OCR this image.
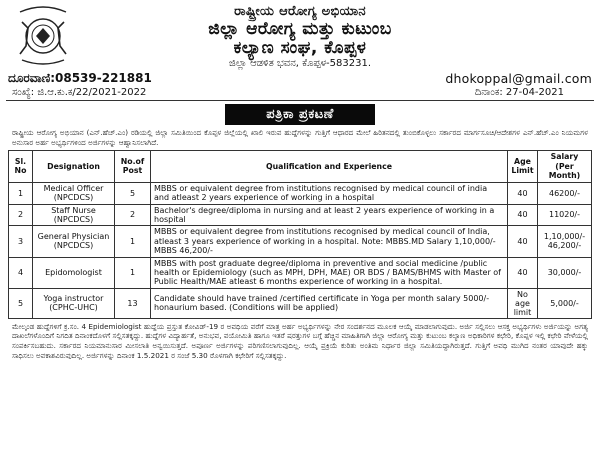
ರಾಷ್ಟ್ರೀಯ ಆರೋಗ್ಯ ಅಭಿಯಾನ
ಜಿಲ್ಲಾ ಆರೋಗ್ಯ ಮತ್ತು ಕುಟುಂಬ
ಕಲ್ಯಾಣ ಸಂಘ, ಕೊಪ್ಪಳ
ಜಿಲ್ಲಾ ಆಡಳಿತ ಭವನ, ಕೊಪ್ಪಳ-583231.
ದೂರವಾಣಿ:08539-221881	dhokoppal@gmail.com
ಸಂಖ್ಯೆ: ಜಿ.ಆ.ಕು.ಕ/22/2021-2022	ದಿನಾಂಕ: 27-04-2021
ಪತ್ರಿಕಾ ಪ್ರಕಟಣೆ
ರಾಷ್ಟ್ರೀಯ ಆರೋಗ್ಯ ಅಭಿಯಾನ (ಎನ್.ಹೆಚ್.ಎಂ) ರಡಿಯಲ್ಲಿ ಜಿಲ್ಲಾ ಸಮಿತಿಯಿಂದ ಕೊಪ್ಪಳ ಜಿಲ್ಲೆಯಲ್ಲಿ ಖಾಲಿ ಇರುವ ಹುದ್ದೆಗಳನ್ನು ಗುತ್ತಿಗೆ ಆಧಾರದ ಮೇಲೆ ಹಿರಿತನದಲ್ಲಿ ತುಂಬಿಕೊಳ್ಳಲು ಸರ್ಕಾರದ ಮಾರ್ಗಸೂಚಿ/ಆದೇಶಗಳ ಎನ್.ಹೆಚ್.ಎಂ ನಿಯಮಗಳ ಅನುಸಾರ ಅರ್ಹ ಅಭ್ಯರ್ಥಿಗಳಿಂದ ಅರ್ಜಿಗಳನ್ನು ಆಹ್ವಾನಿಸಲಾಗಿದೆ.
Sl. No	Designation	No.of Post	Qualification and Experience	Age Limit	Salary (Per Month)
1	Medical Officer (NPCDCS)	5	MBBS or equivalent degree from institutions recognised by medical council of india and atleast 2 years experience of working in a hospital	40	46200/-
2	Staff Nurse (NPCDCS)	2	Bachelor's degree/diploma in nursing and at least 2 years experience of working in a hospital	40	11020/-
3	General Physician (NPCDCS)	1	MBBS or equivalent degree from institutions recognised by medical council of India, atleast 3 years experience of working in a hospital. Note: MBBS.MD Salary 1,10,000/- MBBS 46,200/-	40	1,10,000/- 46,200/-
4	Epidomologist	1	MBBS with post graduate degree/diploma in preventive and social medicine /public health or Epidemiology (such as MPH, DPH, MAE) OR BDS / BAMS/BHMS with Master of Public Health/MAE atleast 6 months experience of working in a hospital.	40	30,000/-
5	Yoga instructor (CPHC-UHC)	13	Candidate should have trained /certified certificate in Yoga per month salary 5000/- honaurium based. (Conditions will be applied)	No age limit	5,000/-
ಮೇಲ್ಕಂಡ ಹುದ್ದೆಗಳಿಗೆ ಕ್ರ.ಸಂ. 4 Epidemiologist ಹುದ್ದೆಯ ಪ್ರಸ್ತುತ ಕೋವಿಡ್-19 ರ ಅವಧಿಯ ವರೆಗೆ ಮಾತ್ರ ಅರ್ಹ ಅಭ್ಯರ್ಥಿಗಳನ್ನು ನೇರ ಸಂದರ್ಶನದ ಮೂಲಕ ಆಯ್ಕೆ ಮಾಡಲಾಗುವುದು. ಅರ್ಜಿ ಸಲ್ಲಿಸಲು ಆಸಕ್ತ ಅಭ್ಯರ್ಥಿಗಳು ಅರ್ಜಿಯನ್ನು ಅಗತ್ಯ ದಾಖಲೆಗಳೊಂದಿಗೆ ನಿಗದಿತ ದಿನಾಂಕದೊಳಗೆ ಸಲ್ಲಿಸತಕ್ಕದ್ದು. ಹುದ್ದೆಗಳ ವಿದ್ಯಾರ್ಹತೆ, ಅನುಭವ, ವಯೋಮಿತಿ ಹಾಗೂ ಇತರೆ ಷರತ್ತುಗಳ ಬಗ್ಗೆ ಹೆಚ್ಚಿನ ಮಾಹಿತಿಗಾಗಿ ಜಿಲ್ಲಾ ಆರೋಗ್ಯ ಮತ್ತು ಕುಟುಂಬ ಕಲ್ಯಾಣ ಅಧಿಕಾರಿಗಳ ಕಛೇರಿ, ಕೊಪ್ಪಳ ಇಲ್ಲಿ ಕಛೇರಿ ವೇಳೆಯಲ್ಲಿ ಸಂಪರ್ಕಿಸಬಹುದು. ಸರ್ಕಾರದ ನಿಯಮಾನುಸಾರ ಮೀಸಲಾತಿ ಅನ್ವಯಿಸುತ್ತದೆ. ಅಪೂರ್ಣ ಅರ್ಜಿಗಳನ್ನು ಪರಿಗಣಿಸಲಾಗುವುದಿಲ್ಲ. ಆಯ್ಕೆ ಪ್ರಕ್ರಿಯೆ ಕುರಿತು ಅಂತಿಮ ನಿರ್ಧಾರ ಜಿಲ್ಲಾ ಸಮಿತಿಯದ್ದಾಗಿರುತ್ತದೆ. ಗುತ್ತಿಗೆ ಅವಧಿ ಮುಗಿದ ನಂತರ ಯಾವುದೇ ಹಕ್ಕು ಸಾಧಿಸಲು ಅವಕಾಶವಿರುವುದಿಲ್ಲ. ಅರ್ಜಿಗಳನ್ನು ದಿನಾಂಕ 1.5.2021 ರ ಸಂಜೆ 5.30 ರೊಳಗಾಗಿ ಕಛೇರಿಗೆ ಸಲ್ಲಿಸತಕ್ಕದ್ದು.
